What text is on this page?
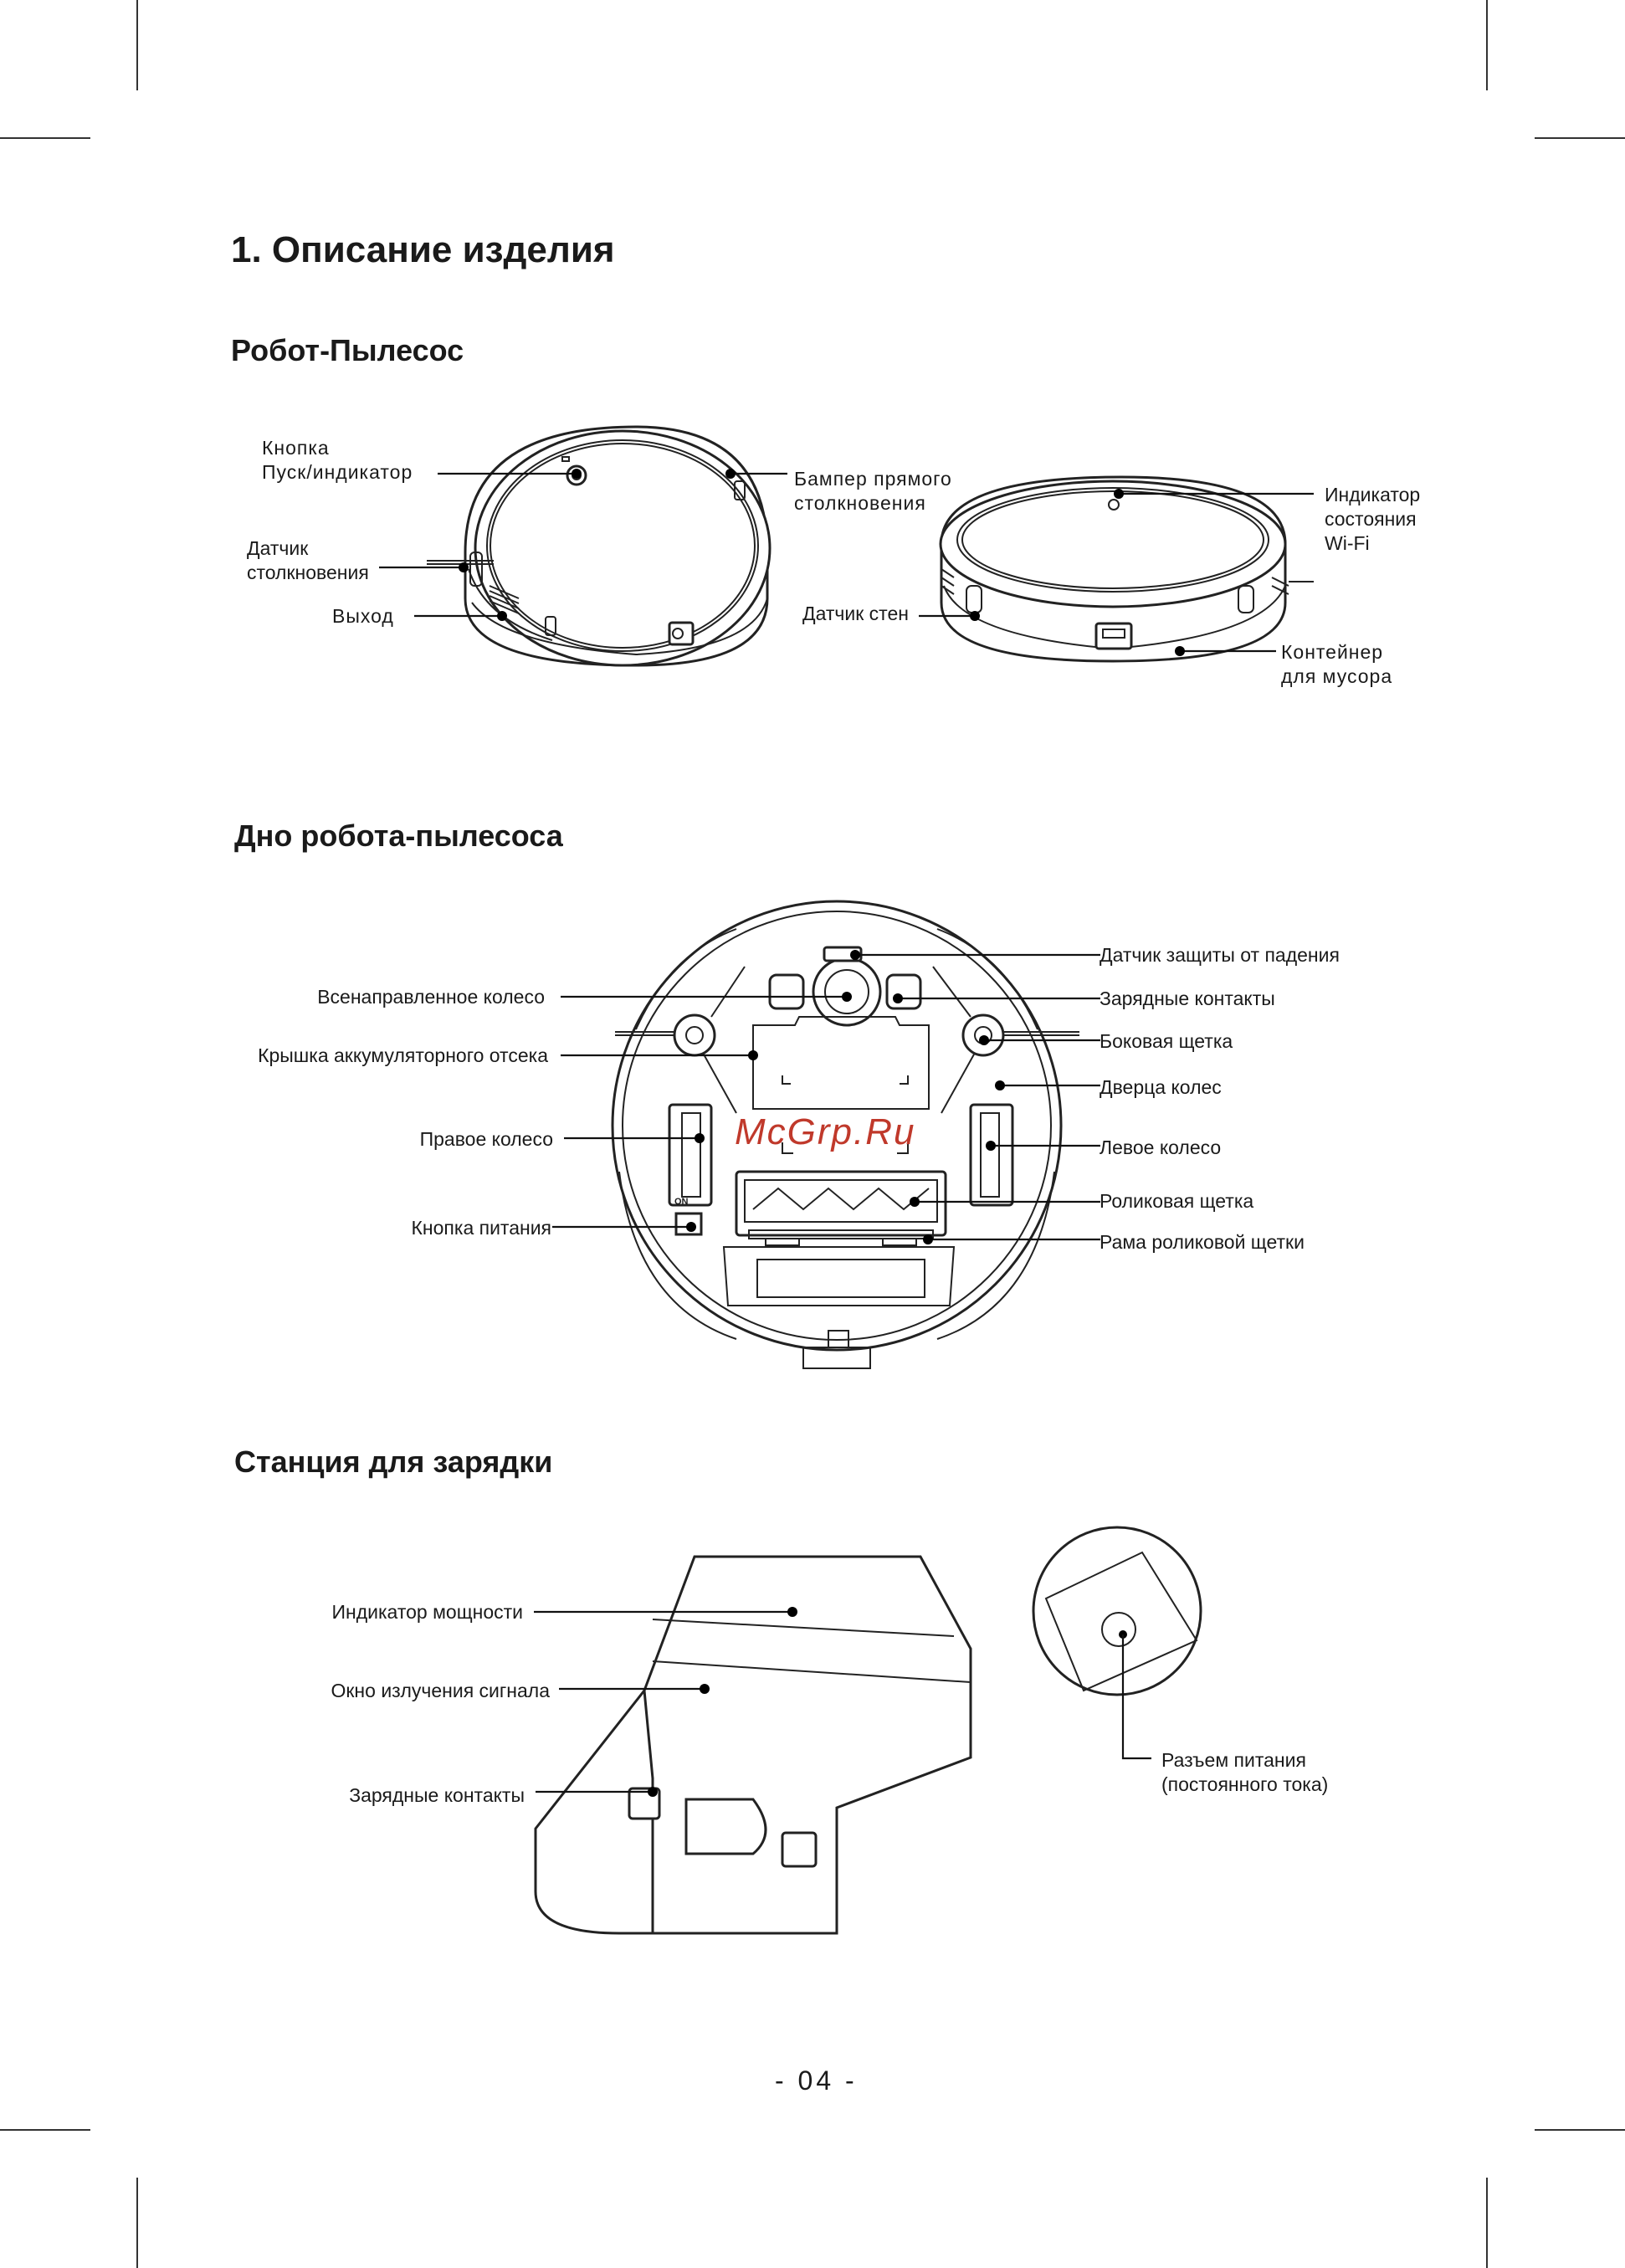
1. Описание изделия
Робот-Пылесос
Дно робота-пылесоса
Станция для зарядки
Кнопка
Пуск/индикатор
Датчик
столкновения
Выход
Бампер прямого
столкновения
Датчик стен
Индикатор
состояния
Wi-Fi
Контейнер
для мусора
Всенаправленное колесо
Крышка аккумуляторного отсека
Правое колесо
Кнопка питания
Датчик защиты от падения
Зарядные контакты
Боковая щетка
Дверца колес
Левое колесо
Роликовая щетка
Рама роликовой щетки
ON
Индикатор мощности
Окно излучения сигнала
Зарядные контакты
Разъем питания
(постоянного тока)
McGrp.Ru
- 04 -
